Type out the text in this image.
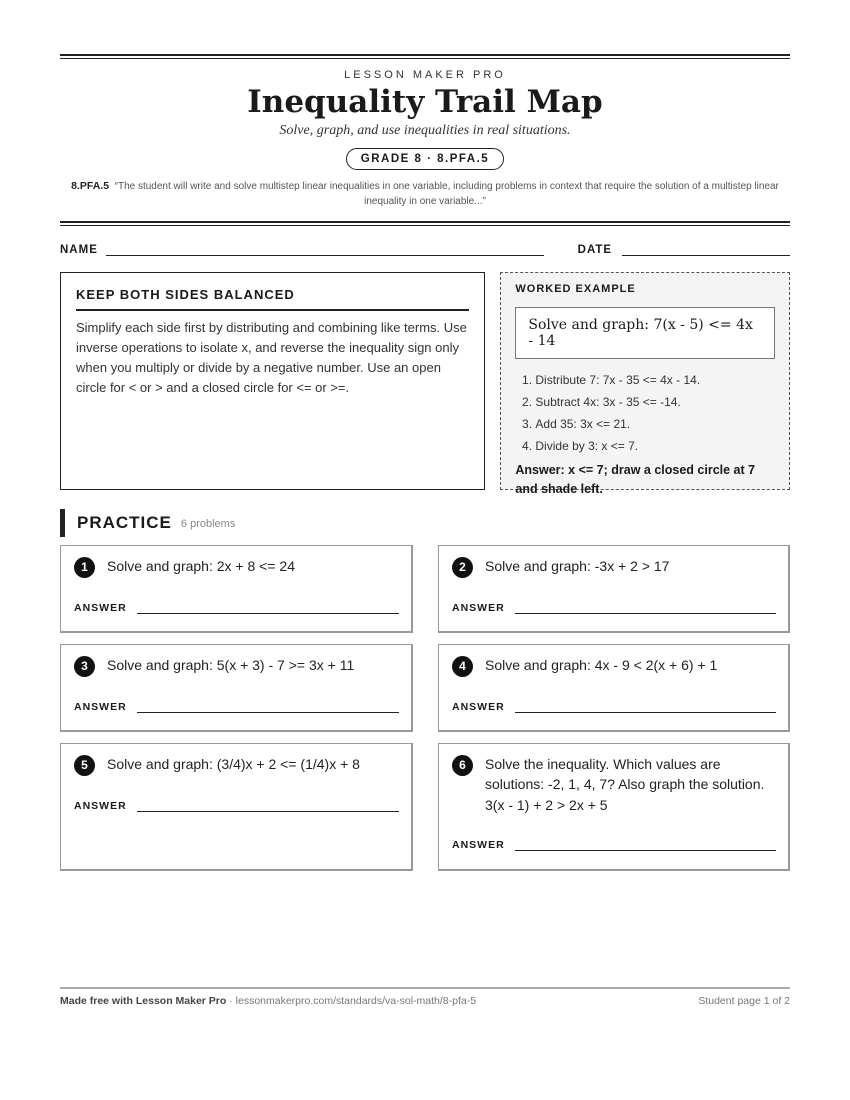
LESSON MAKER PRO
Inequality Trail Map
Solve, graph, and use inequalities in real situations.
GRADE 8 · 8.PFA.5
8.PFA.5 “The student will write and solve multistep linear inequalities in one variable, including problems in context that require the solution of a multistep linear inequality in one variable...”
NAME	DATE
KEEP BOTH SIDES BALANCED

Simplify each side first by distributing and combining like terms. Use inverse operations to isolate x, and reverse the inequality sign only when you multiply or divide by a negative number. Use an open circle for < or > and a closed circle for <= or >=.

WORKED EXAMPLE
Solve and graph: 7(x - 5) <= 4x - 14
1. Distribute 7: 7x - 35 <= 4x - 14.
2. Subtract 4x: 3x - 35 <= -14.
3. Add 35: 3x <= 21.
4. Divide by 3: x <= 7.
Answer: x <= 7; draw a closed circle at 7 and shade left.
PRACTICE 6 problems
1	Solve and graph: 2x + 8 <= 24
ANSWER
2	Solve and graph: -3x + 2 > 17
ANSWER
3	Solve and graph: 5(x + 3) - 7 >= 3x + 11
ANSWER
4	Solve and graph: 4x - 9 < 2(x + 6) + 1
ANSWER
5	Solve and graph: (3/4)x + 2 <= (1/4)x + 8
ANSWER
6	Solve the inequality. Which values are solutions: -2, 1, 4, 7? Also graph the solution. 3(x - 1) + 2 > 2x + 5
ANSWER
Made free with Lesson Maker Pro · lessonmakerpro.com/standards/va-sol-math/8-pfa-5	Student page 1 of 2
